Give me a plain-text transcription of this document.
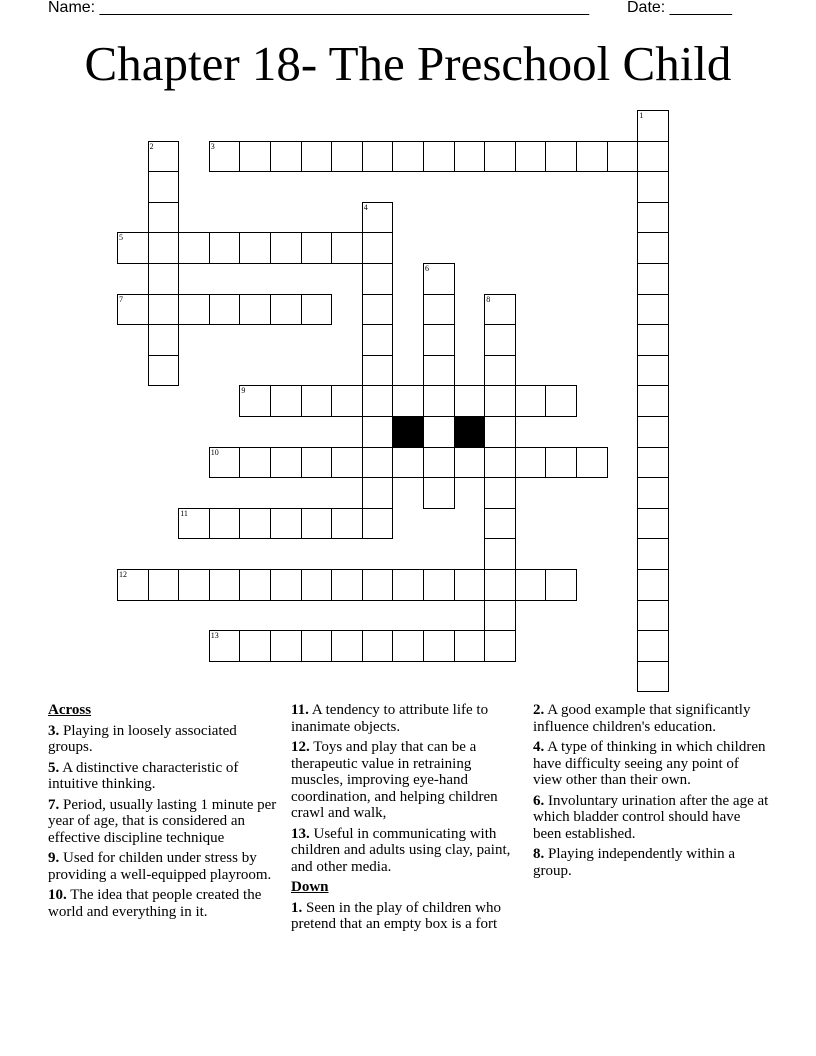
Name: _______________________________________________________ Date: _______
Chapter 18- The Preschool Child
3
5
7
9
10
11
12
13
1
2
4
6
8
Across
3. Playing in loosely associated groups.
5. A distinctive characteristic of intuitive thinking.
7. Period, usually lasting 1 minute per year of age, that is considered an effective discipline technique
9. Used for childen under stress by providing a well-equipped playroom.
10. The idea that people created the world and everything in it.
11. A tendency to attribute life to inanimate objects.
12. Toys and play that can be a therapeutic value in retraining muscles, improving eye-hand coordination, and helping children crawl and walk,
13. Useful in communicating with children and adults using clay, paint, and other media.
Down
1. Seen in the play of children who pretend that an empty box is a fort
2. A good example that significantly influence children's education.
4. A type of thinking in which children have difficulty seeing any point of view other than their own.
6. Involuntary urination after the age at which bladder control should have been established.
8. Playing independently within a group.
